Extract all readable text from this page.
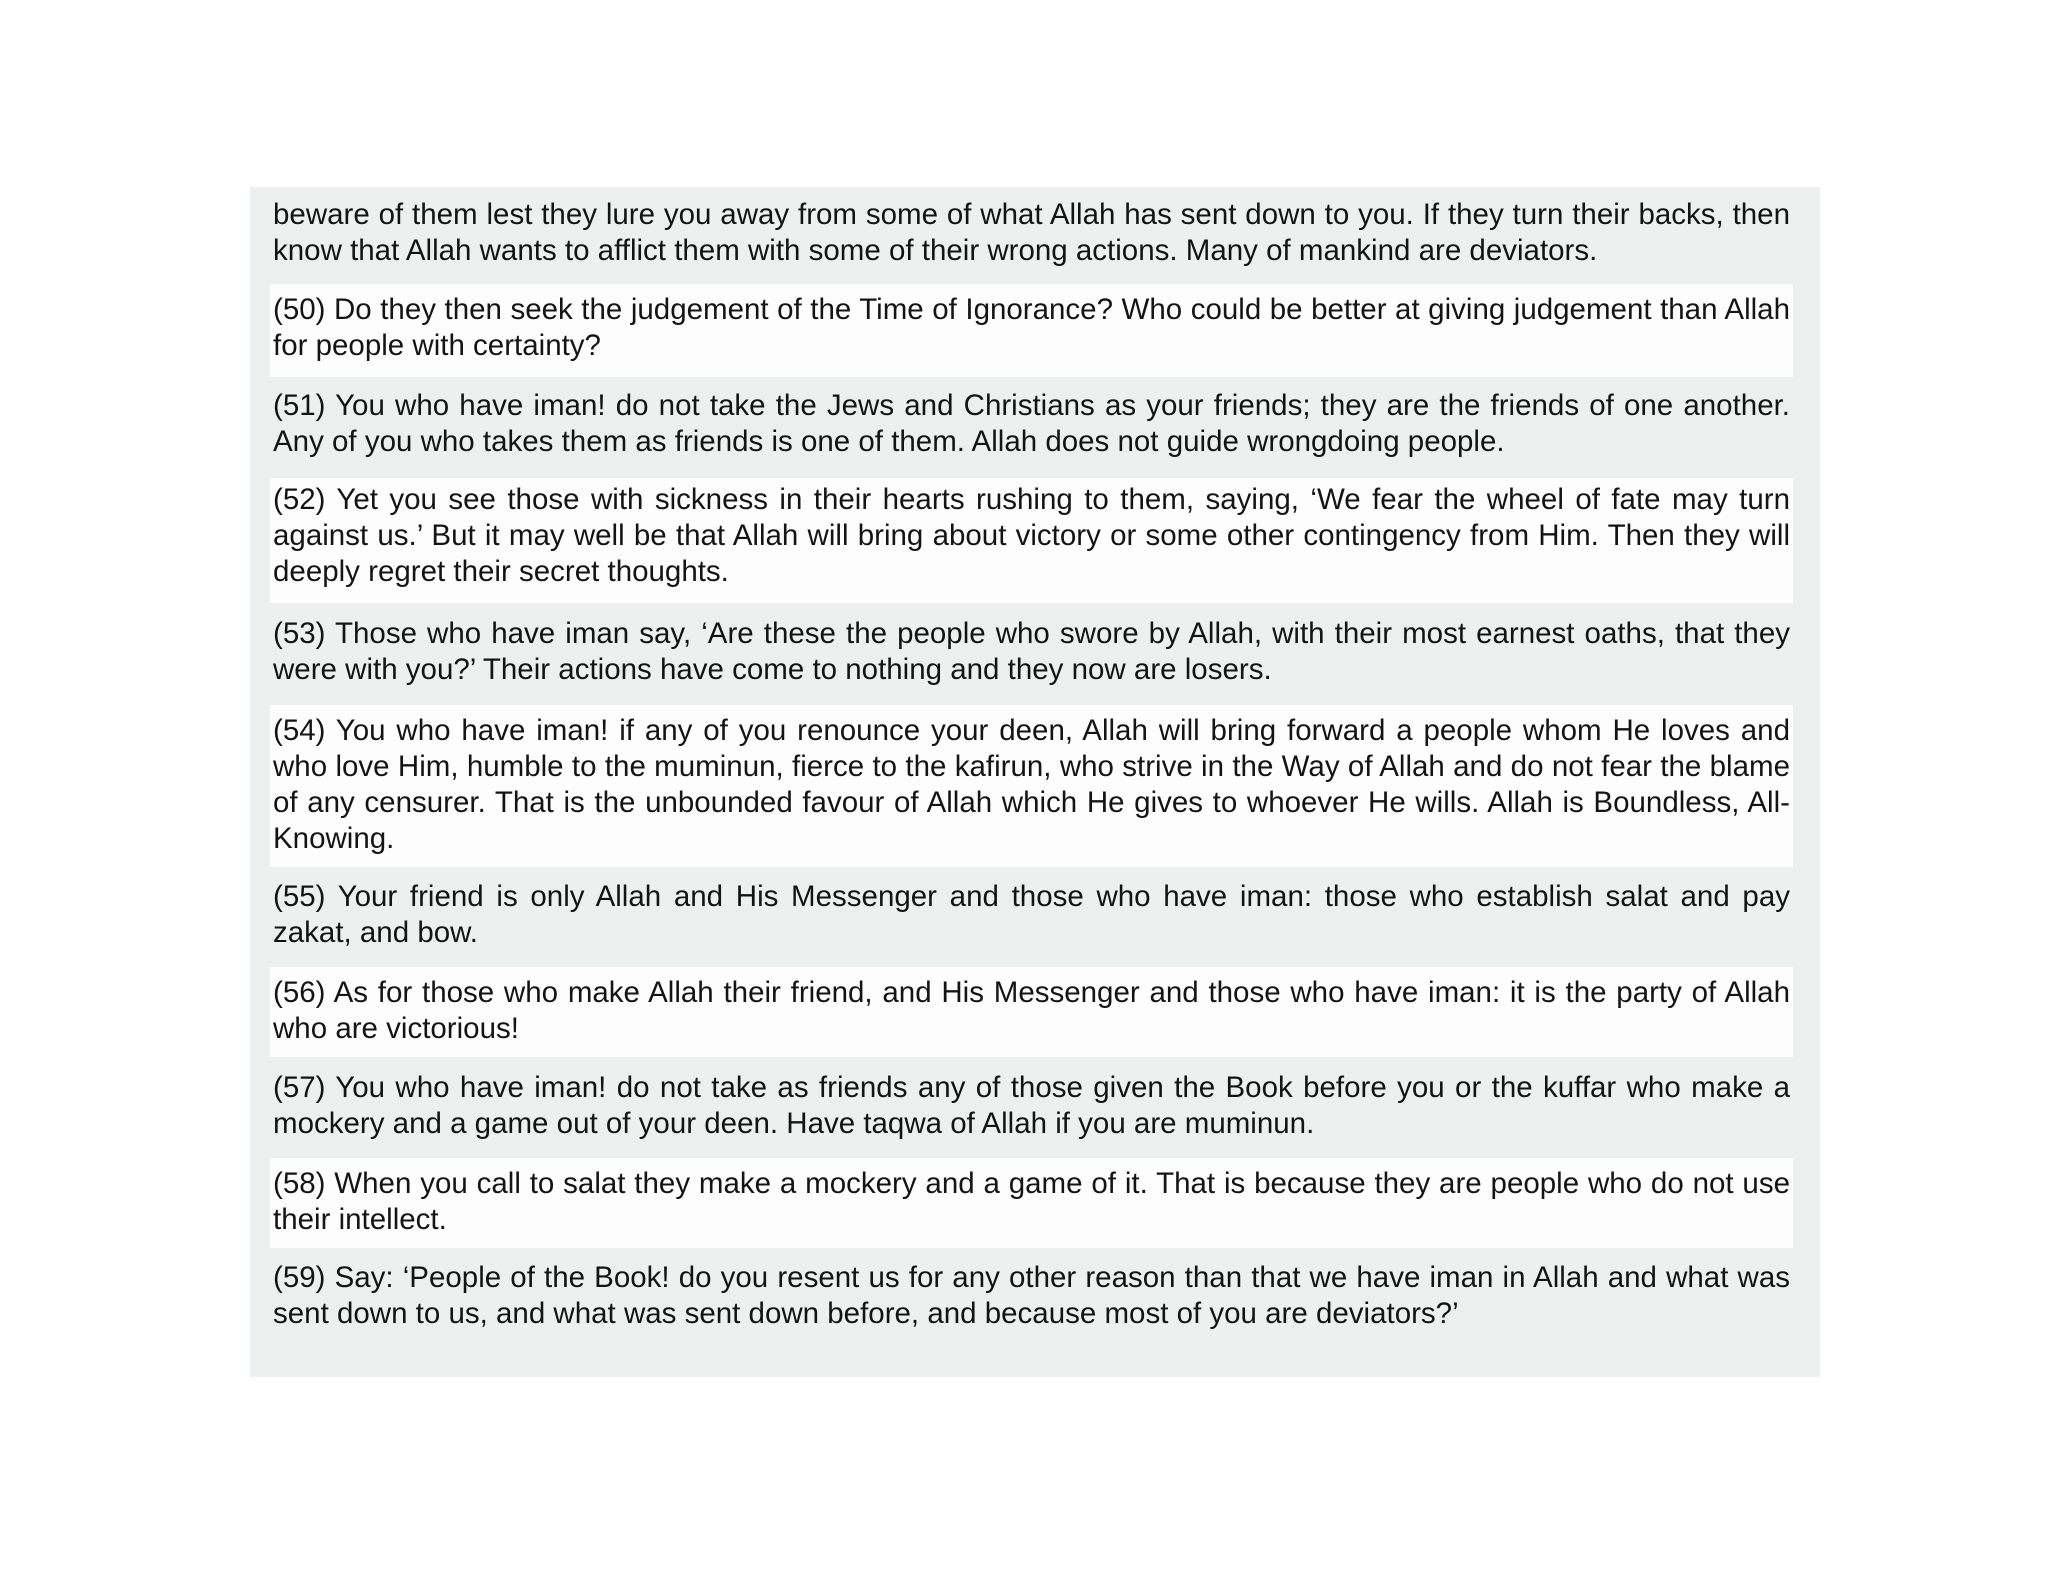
beware of them lest they lure you away from some of what Allah has sent down to you. If they turn their backs, then know that Allah wants to afflict them with some of their wrong actions. Many of mankind are deviators.
(50) Do they then seek the judgement of the Time of Ignorance? Who could be better at giving judgement than Allah for people with certainty?
(51) You who have iman! do not take the Jews and Christians as your friends; they are the friends of one another. Any of you who takes them as friends is one of them. Allah does not guide wrongdoing people.
(52) Yet you see those with sickness in their hearts rushing to them, saying, ‘We fear the wheel of fate may turn against us.’ But it may well be that Allah will bring about victory or some other contingency from Him. Then they will deeply regret their secret thoughts.
(53) Those who have iman say, ‘Are these the people who swore by Allah, with their most earnest oaths, that they were with you?’ Their actions have come to nothing and they now are losers.
(54) You who have iman! if any of you renounce your deen, Allah will bring forward a people whom He loves and who love Him, humble to the muminun, fierce to the kafirun, who strive in the Way of Allah and do not fear the blame of any censurer. That is the unbounded favour of Allah which He gives to whoever He wills. Allah is Boundless, All-Knowing.
(55) Your friend is only Allah and His Messenger and those who have iman: those who establish salat and pay zakat, and bow.
(56) As for those who make Allah their friend, and His Messenger and those who have iman: it is the party of Allah who are victorious!
(57) You who have iman! do not take as friends any of those given the Book before you or the kuffar who make a mockery and a game out of your deen. Have taqwa of Allah if you are muminun.
(58) When you call to salat they make a mockery and a game of it. That is because they are people who do not use their intellect.
(59) Say: ‘People of the Book! do you resent us for any other reason than that we have iman in Allah and what was sent down to us, and what was sent down before, and because most of you are deviators?’
